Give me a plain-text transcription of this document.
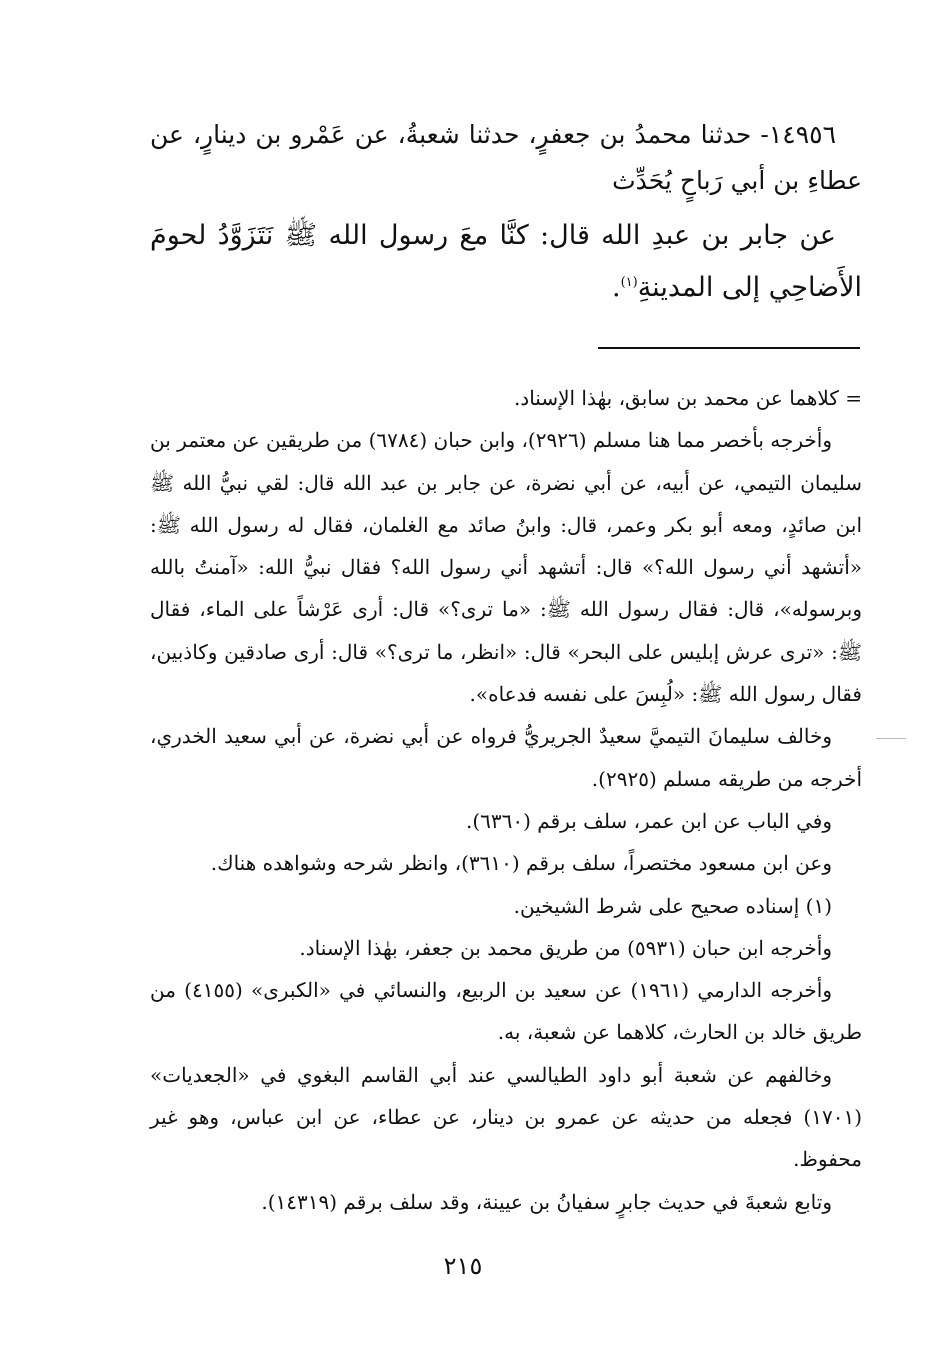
١٤٩٥٦- حدثنا محمدُ بن جعفرٍ، حدثنا شعبةُ، عن عَمْرو بن دينارٍ، عن عطاءِ بن أبي رَباحٍ يُحَدِّث

عن جابر بن عبدِ الله قال: كنَّا معَ رسول الله ﷺ نَتَزَوَّدُ لحومَ الأَضاحِي إلى المدينةِ$^{(١)}$.

= كلاهما عن محمد بن سابق، بهٰذا الإسناد.

وأخرجه بأخصر مما هنا مسلم (٢٩٢٦)، وابن حبان (٦٧٨٤) من طريقين عن معتمر بن سليمان التيمي، عن أبيه، عن أبي نضرة، عن جابر بن عبد الله قال: لقي نبيُّ الله ﷺ ابن صائدٍ، ومعه أبو بكر وعمر، قال: وابنُ صائد مع الغلمان، فقال له رسول الله ﷺ: «أتشهد أني رسول الله؟» قال: أتشهد أني رسول الله؟ فقال نبيُّ الله: «آمنتُ بالله وبرسوله»، قال: فقال رسول الله ﷺ: «ما ترى؟» قال: أرى عَرْشاً على الماء، فقال ﷺ: «ترى عرش إبليس على البحر» قال: «انظر، ما ترى؟» قال: أرى صادقين وكاذبين، فقال رسول الله ﷺ: «لُبِسَ على نفسه فدعاه».

وخالف سليمانَ التيميَّ سعيدٌ الجريريُّ فرواه عن أبي نضرة، عن أبي سعيد الخدري، أخرجه من طريقه مسلم (٢٩٢٥).

وفي الباب عن ابن عمر، سلف برقم (٦٣٦٠).

وعن ابن مسعود مختصراً، سلف برقم (٣٦١٠)، وانظر شرحه وشواهده هناك.

(١) إسناده صحيح على شرط الشيخين.

وأخرجه ابن حبان (٥٩٣١) من طريق محمد بن جعفر، بهٰذا الإسناد.

وأخرجه الدارمي (١٩٦١) عن سعيد بن الربيع، والنسائي في «الكبرى» (٤١٥٥) من طريق خالد بن الحارث، كلاهما عن شعبة، به.

وخالفهم عن شعبة أبو داود الطيالسي عند أبي القاسم البغوي في «الجعديات» (١٧٠١) فجعله من حديثه عن عمرو بن دينار، عن عطاء، عن ابن عباس، وهو غير محفوظ.

وتابع شعبةَ في حديث جابرٍ سفيانُ بن عيينة، وقد سلف برقم (١٤٣١٩).

٢١٥
